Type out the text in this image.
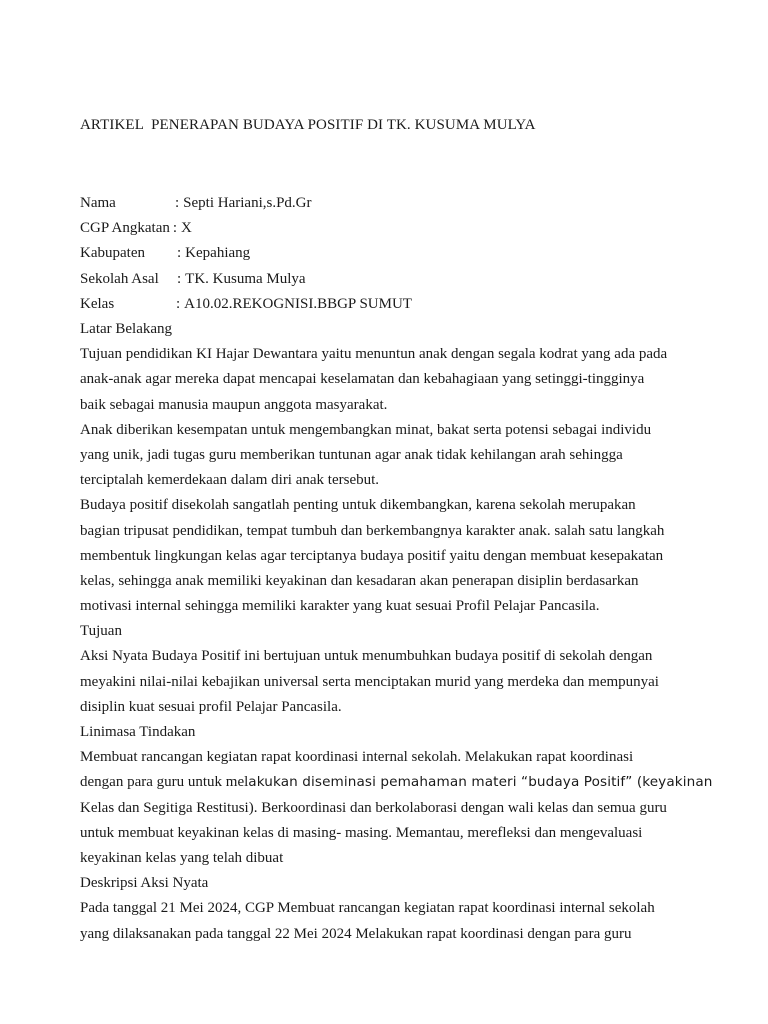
ARTIKEL  PENERAPAN BUDAYA POSITIF DI TK. KUSUMA MULYA
Nama	: Septi Hariani,s.Pd.Gr
CGP Angkatan : X
Kabupaten	: Kepahiang
Sekolah Asal	: TK. Kusuma Mulya
Kelas	: A10.02.REKOGNISI.BBGP SUMUT
Latar Belakang
Tujuan pendidikan KI Hajar Dewantara yaitu menuntun anak dengan segala kodrat yang ada pada
anak-anak agar mereka dapat mencapai keselamatan dan kebahagiaan yang setinggi-tingginya
baik sebagai manusia maupun anggota masyarakat.
Anak diberikan kesempatan untuk mengembangkan minat, bakat serta potensi sebagai individu
yang unik, jadi tugas guru memberikan tuntunan agar anak tidak kehilangan arah sehingga
terciptalah kemerdekaan dalam diri anak tersebut.
Budaya positif disekolah sangatlah penting untuk dikembangkan, karena sekolah merupakan
bagian tripusat pendidikan, tempat tumbuh dan berkembangnya karakter anak. salah satu langkah
membentuk lingkungan kelas agar terciptanya budaya positif yaitu dengan membuat kesepakatan
kelas, sehingga anak memiliki keyakinan dan kesadaran akan penerapan disiplin berdasarkan
motivasi internal sehingga memiliki karakter yang kuat sesuai Profil Pelajar Pancasila.
Tujuan
Aksi Nyata Budaya Positif ini bertujuan untuk menumbuhkan budaya positif di sekolah dengan
meyakini nilai-nilai kebajikan universal serta menciptakan murid yang merdeka dan mempunyai
disiplin kuat sesuai profil Pelajar Pancasila.
Linimasa Tindakan
Membuat rancangan kegiatan rapat koordinasi internal sekolah. Melakukan rapat koordinasi
dengan para guru untuk melakukan diseminasi pemahaman materi “budaya Positif” (keyakinan
Kelas dan Segitiga Restitusi). Berkoordinasi dan berkolaborasi dengan wali kelas dan semua guru
untuk membuat keyakinan kelas di masing- masing. Memantau, merefleksi dan mengevaluasi
keyakinan kelas yang telah dibuat
Deskripsi Aksi Nyata
Pada tanggal 21 Mei 2024, CGP Membuat rancangan kegiatan rapat koordinasi internal sekolah
yang dilaksanakan pada tanggal 22 Mei 2024 Melakukan rapat koordinasi dengan para guru
